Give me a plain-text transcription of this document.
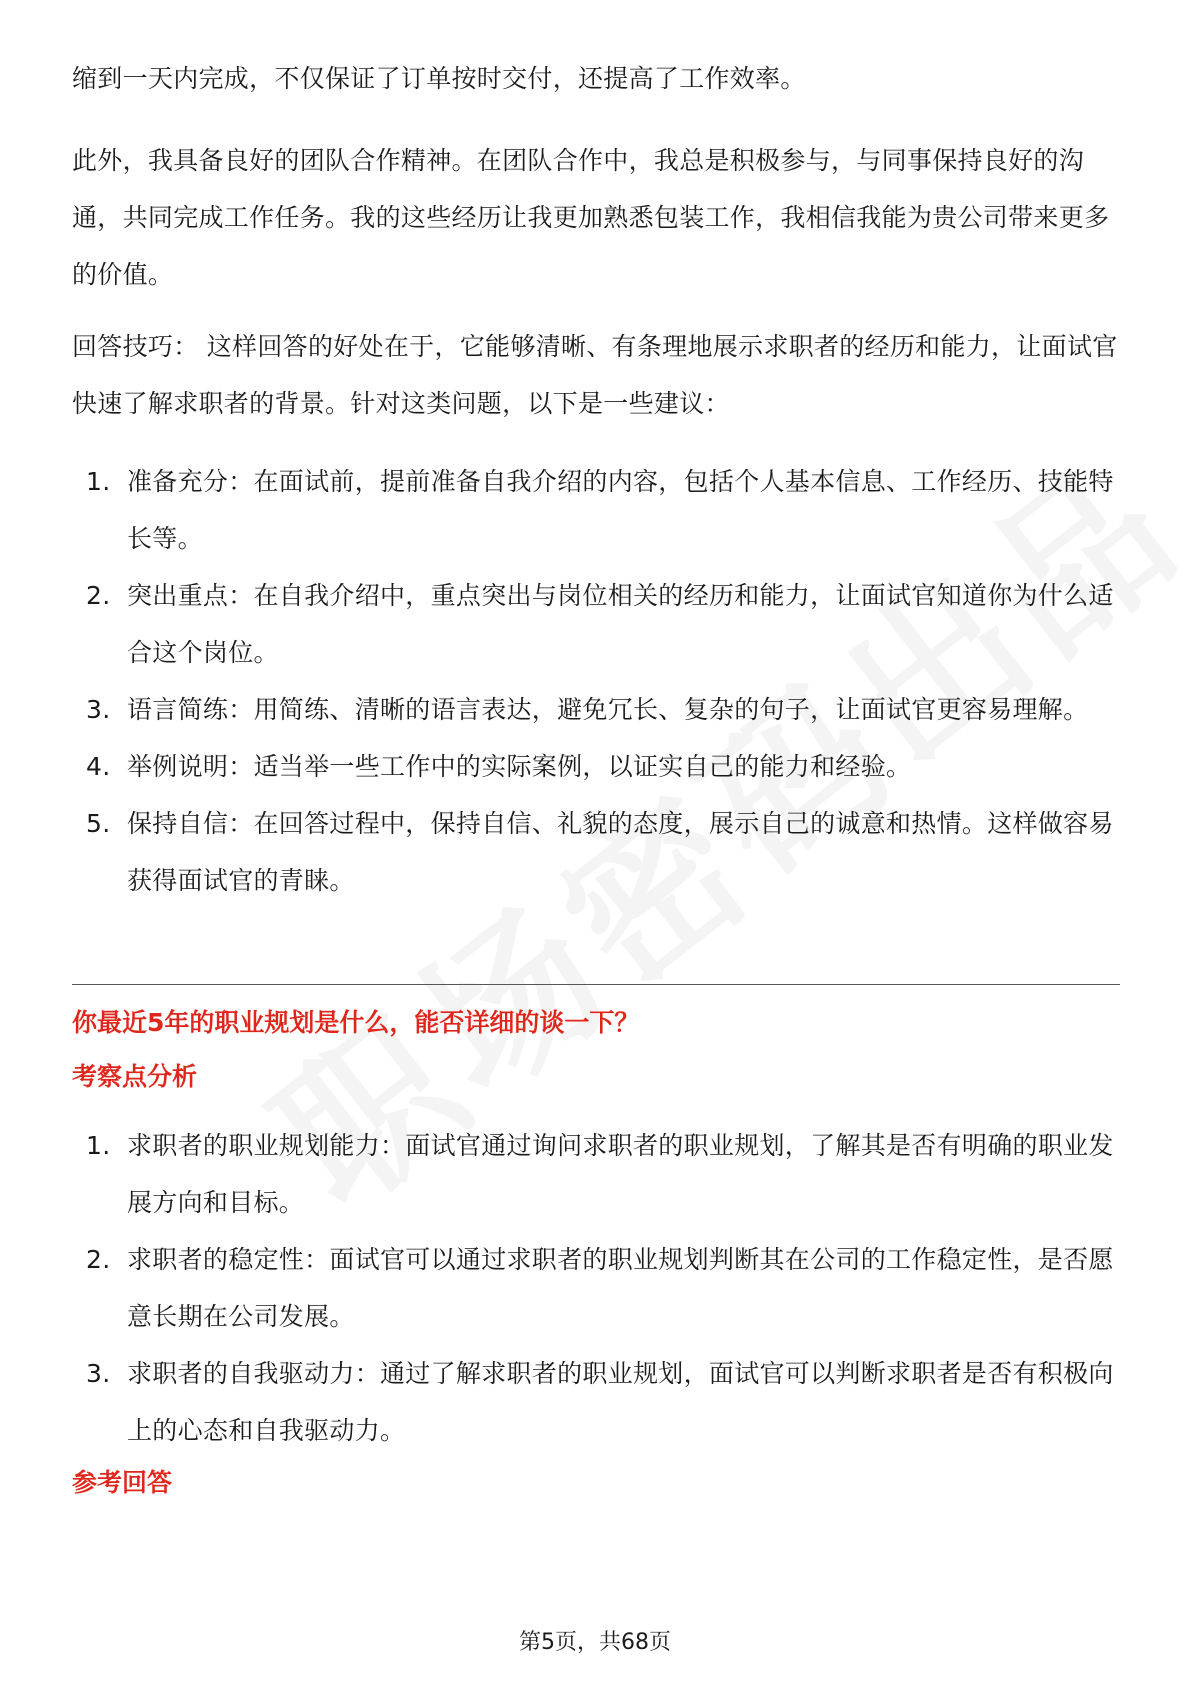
缩到一天内完成，不仅保证了订单按时交付，还提高了工作效率。

此外，我具备良好的团队合作精神。在团队合作中，我总是积极参与，与同事保持良好的沟通，共同完成工作任务。我的这些经历让我更加熟悉包装工作，我相信我能为贵公司带来更多的价值。

回答技巧： 这样回答的好处在于，它能够清晰、有条理地展示求职者的经历和能力，让面试官快速了解求职者的背景。针对这类问题，以下是一些建议：

1. 准备充分：在面试前，提前准备自我介绍的内容，包括个人基本信息、工作经历、技能特长等。
2. 突出重点：在自我介绍中，重点突出与岗位相关的经历和能力，让面试官知道你为什么适合这个岗位。
3. 语言简练：用简练、清晰的语言表达，避免冗长、复杂的句子，让面试官更容易理解。
4. 举例说明：适当举一些工作中的实际案例，以证实自己的能力和经验。
5. 保持自信：在回答过程中，保持自信、礼貌的态度，展示自己的诚意和热情。这样做容易获得面试官的青睐。
你最近5年的职业规划是什么，能否详细的谈一下？
考察点分析
1. 求职者的职业规划能力：面试官通过询问求职者的职业规划，了解其是否有明确的职业发展方向和目标。
2. 求职者的稳定性：面试官可以通过求职者的职业规划判断其在公司的工作稳定性，是否愿意长期在公司发展。
3. 求职者的自我驱动力：通过了解求职者的职业规划，面试官可以判断求职者是否有积极向上的心态和自我驱动力。
参考回答
第5页，共68页
